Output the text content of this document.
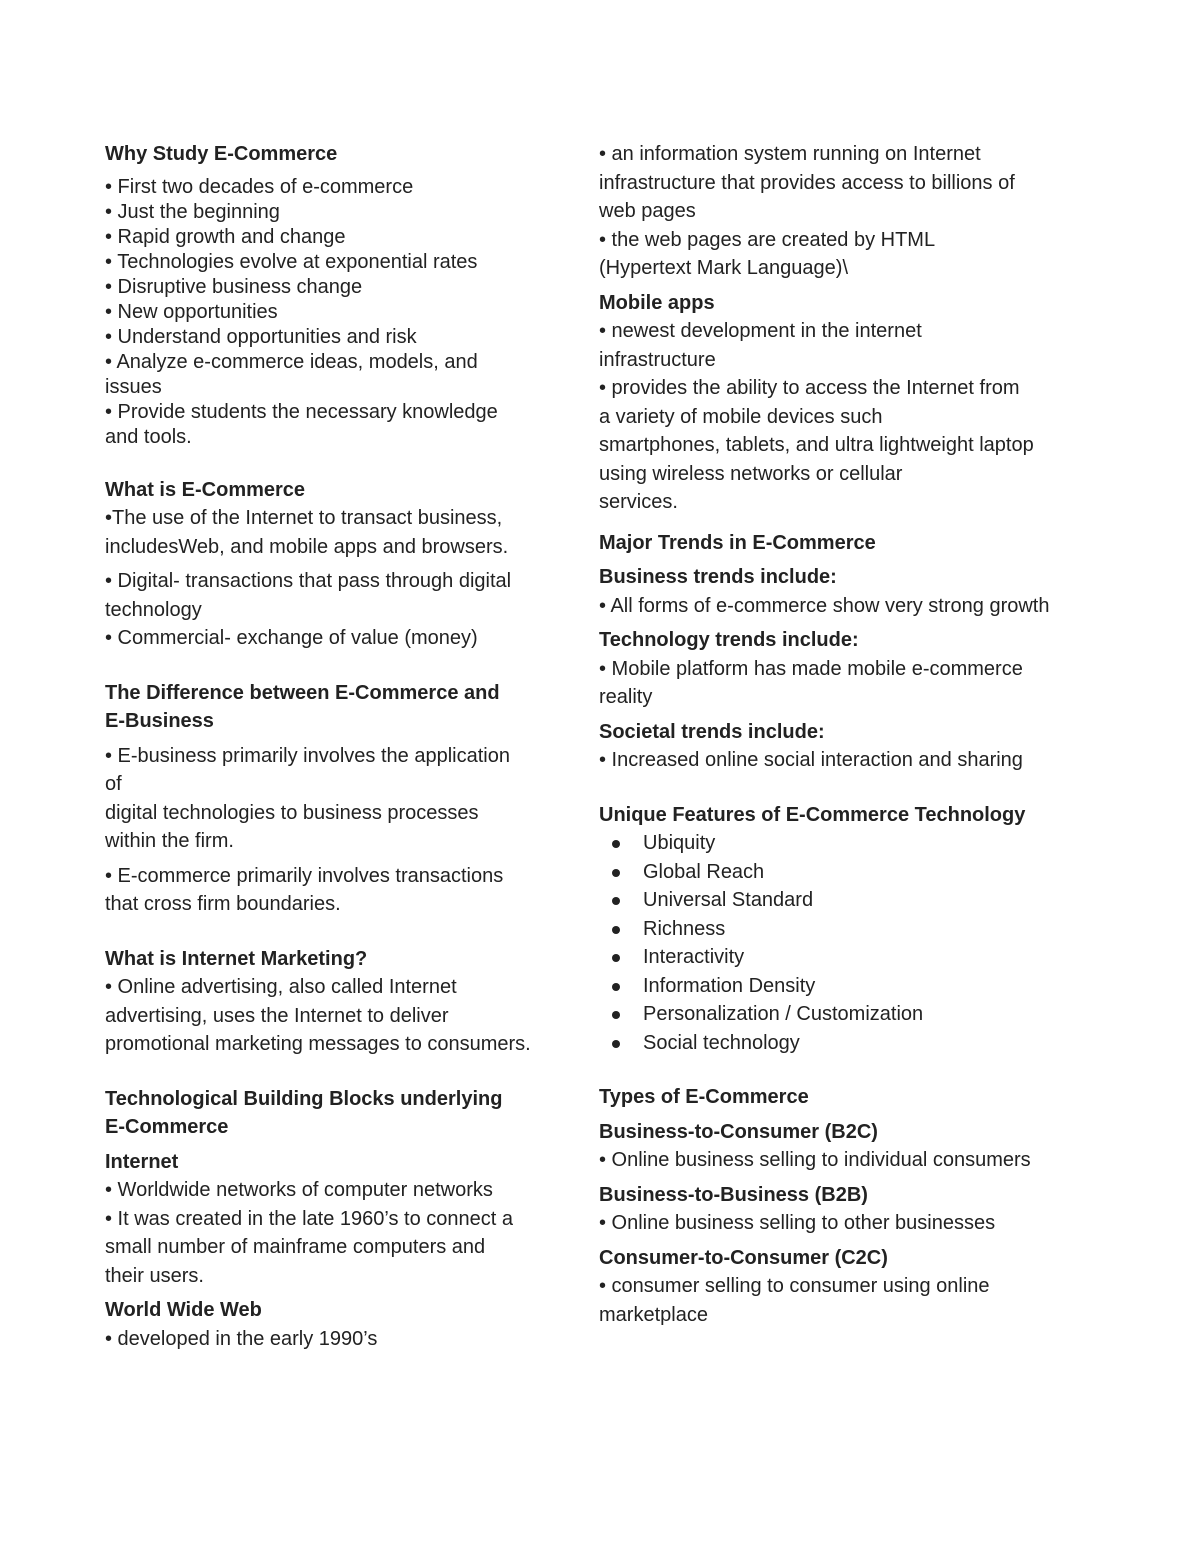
Why Study E-Commerce
• First two decades of e-commerce
• Just the beginning
• Rapid growth and change
• Technologies evolve at exponential rates
• Disruptive business change
• New opportunities
• Understand opportunities and risk
• Analyze e-commerce ideas, models, and
issues
• Provide students the necessary knowledge
and tools.
What is E-Commerce
•The use of the Internet to transact business,
includesWeb, and mobile apps and browsers.
• Digital- transactions that pass through digital
technology
• Commercial- exchange of value (money)
The Difference between E-Commerce and
E-Business
• E-business primarily involves the application
of
digital technologies to business processes
within the firm.
• E-commerce primarily involves transactions
that cross firm boundaries.
What is Internet Marketing?
• Online advertising, also called Internet
advertising, uses the Internet to deliver
promotional marketing messages to consumers.
Technological Building Blocks underlying
E-Commerce
Internet
• Worldwide networks of computer networks
• It was created in the late 1960’s to connect a
small number of mainframe computers and
their users.
World Wide Web
• developed in the early 1990’s
• an information system running on Internet
infrastructure that provides access to billions of
web pages
• the web pages are created by HTML
(Hypertext Mark Language)\
Mobile apps
• newest development in the internet
infrastructure
• provides the ability to access the Internet from
a variety of mobile devices such
smartphones, tablets, and ultra lightweight laptop
using wireless networks or cellular
services.
Major Trends in E-Commerce
Business trends include:
• All forms of e-commerce show very strong growth
Technology trends include:
• Mobile platform has made mobile e-commerce
reality
Societal trends include:
• Increased online social interaction and sharing
Unique Features of E-Commerce Technology
Ubiquity
Global Reach
Universal Standard
Richness
Interactivity
Information Density
Personalization / Customization
Social technology
Types of E-Commerce
Business-to-Consumer (B2C)
• Online business selling to individual consumers
Business-to-Business (B2B)
• Online business selling to other businesses
Consumer-to-Consumer (C2C)
• consumer selling to consumer using online
marketplace
